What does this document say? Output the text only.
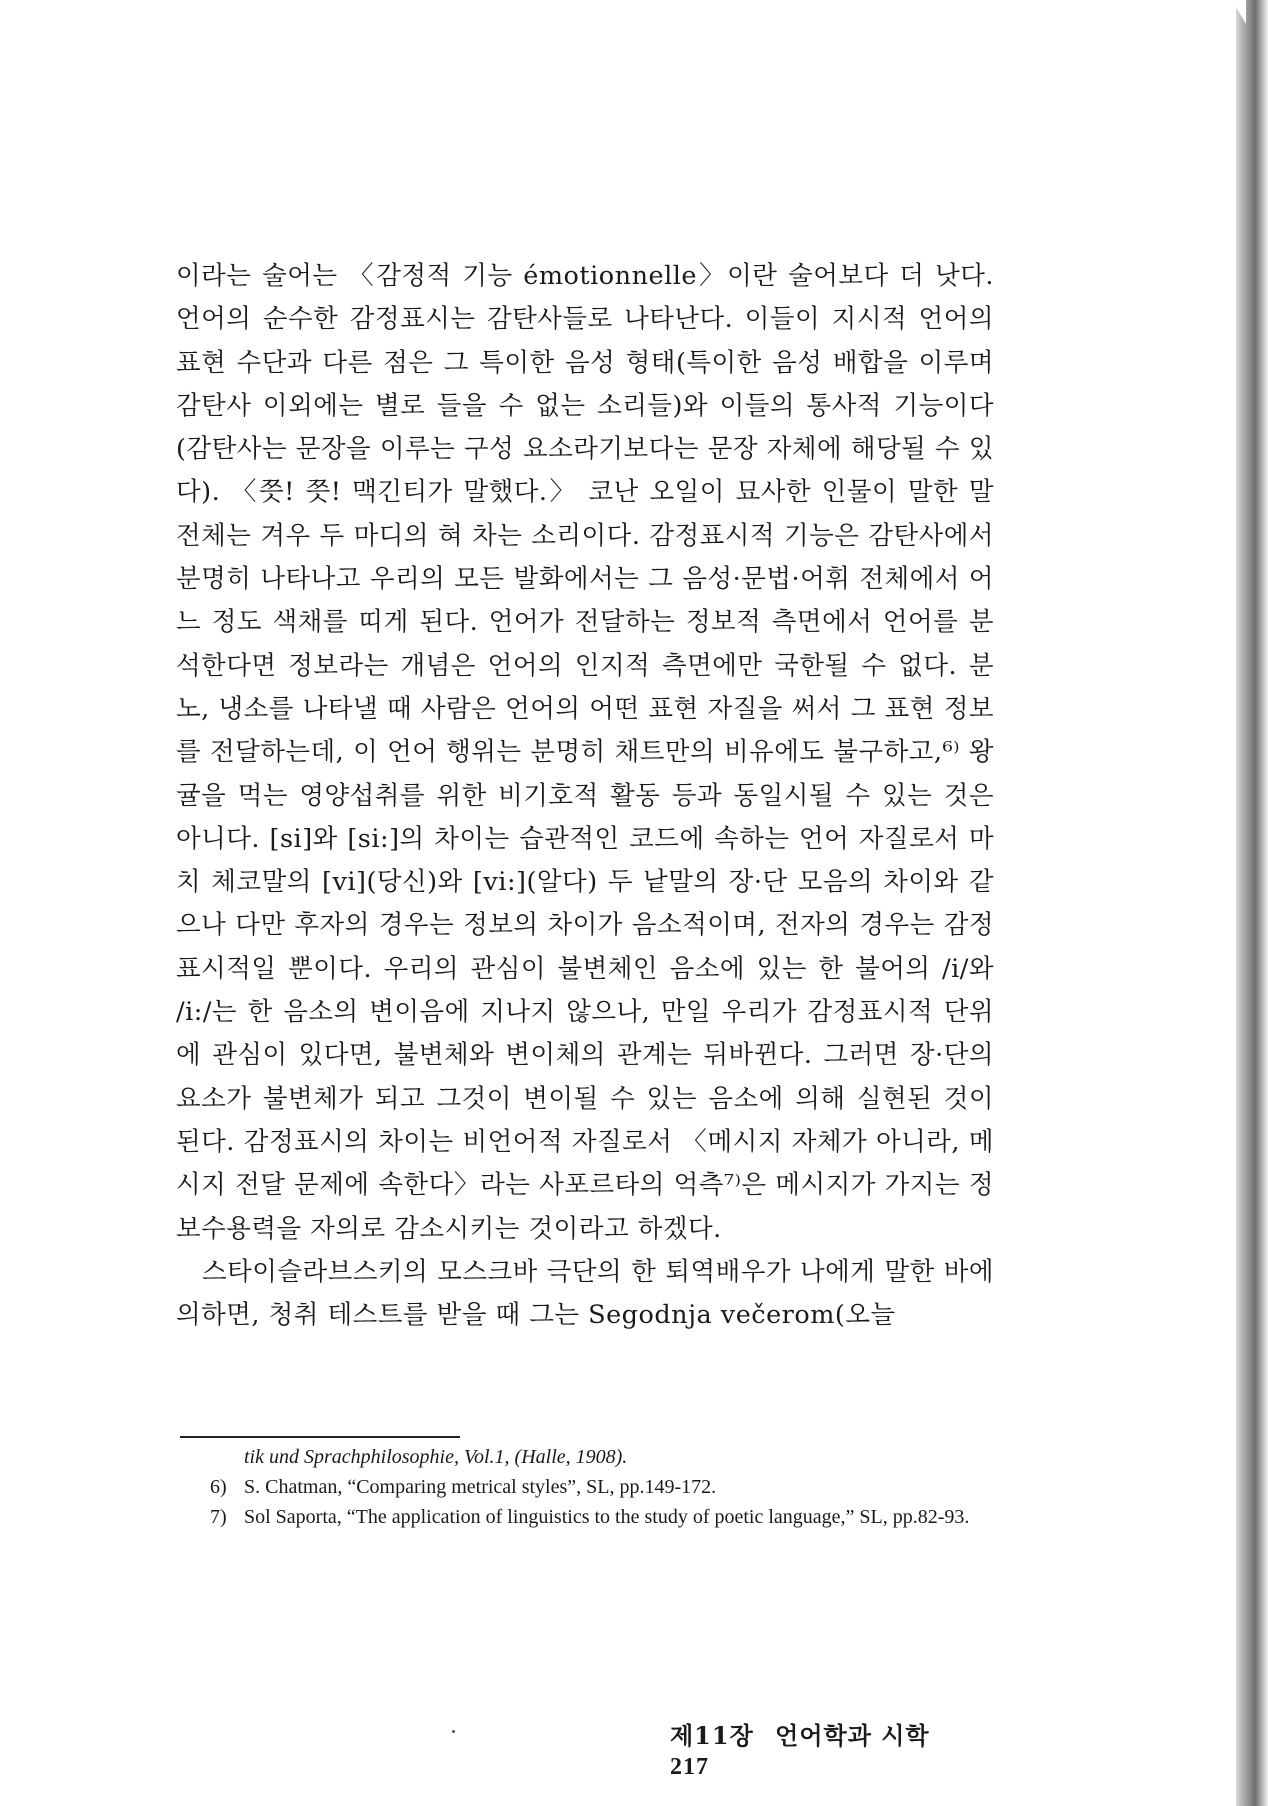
이라는 술어는 〈감정적 기능 émotionnelle〉이란 술어보다 더 낫다. 언어의 순수한 감정표시는 감탄사들로 나타난다. 이들이 지시적 언어의 표현 수단과 다른 점은 그 특이한 음성 형태(특이한 음성 배합을 이루며 감탄사 이외에는 별로 들을 수 없는 소리들)와 이들의 통사적 기능이다(감탄사는 문장을 이루는 구성 요소라기보다는 문장 자체에 해당될 수 있다). 〈쯧! 쯧! 맥긴티가 말했다.〉 코난 오일이 묘사한 인물이 말한 말 전체는 겨우 두 마디의 혀 차는 소리이다. 감정표시적 기능은 감탄사에서 분명히 나타나고 우리의 모든 발화에서는 그 음성·문법·어휘 전체에서 어느 정도 색채를 띠게 된다. 언어가 전달하는 정보적 측면에서 언어를 분석한다면 정보라는 개념은 언어의 인지적 측면에만 국한될 수 없다. 분노, 냉소를 나타낼 때 사람은 언어의 어떤 표현 자질을 써서 그 표현 정보를 전달하는데, 이 언어 행위는 분명히 채트만의 비유에도 불구하고,⁶⁾ 왕귤을 먹는 영양섭취를 위한 비기호적 활동 등과 동일시될 수 있는 것은 아니다. [si]와 [si:]의 차이는 습관적인 코드에 속하는 언어 자질로서 마치 체코말의 [vi](당신)와 [vi:](알다) 두 낱말의 장·단 모음의 차이와 같으나 다만 후자의 경우는 정보의 차이가 음소적이며, 전자의 경우는 감정표시적일 뿐이다. 우리의 관심이 불변체인 음소에 있는 한 불어의 /i/와 /i:/는 한 음소의 변이음에 지나지 않으나, 만일 우리가 감정표시적 단위에 관심이 있다면, 불변체와 변이체의 관계는 뒤바뀐다. 그러면 장·단의 요소가 불변체가 되고 그것이 변이될 수 있는 음소에 의해 실현된 것이 된다. 감정표시의 차이는 비언어적 자질로서 〈메시지 자체가 아니라, 메시지 전달 문제에 속한다〉라는 사포르타의 억측⁷⁾은 메시지가 가지는 정보수용력을 자의로 감소시키는 것이라고 하겠다.

스타이슬라브스키의 모스크바 극단의 한 퇴역배우가 나에게 말한 바에 의하면, 청취 테스트를 받을 때 그는 Segodnja večerom(오늘

tik und Sprachphilosophie, Vol.1, (Halle, 1908).

6) S. Chatman, “Comparing metrical styles”, SL, pp.149-172.

7) Sol Saporta, “The application of linguistics to the study of poetic language,” SL, pp.82-93.

제11장 언어학과 시학 217
